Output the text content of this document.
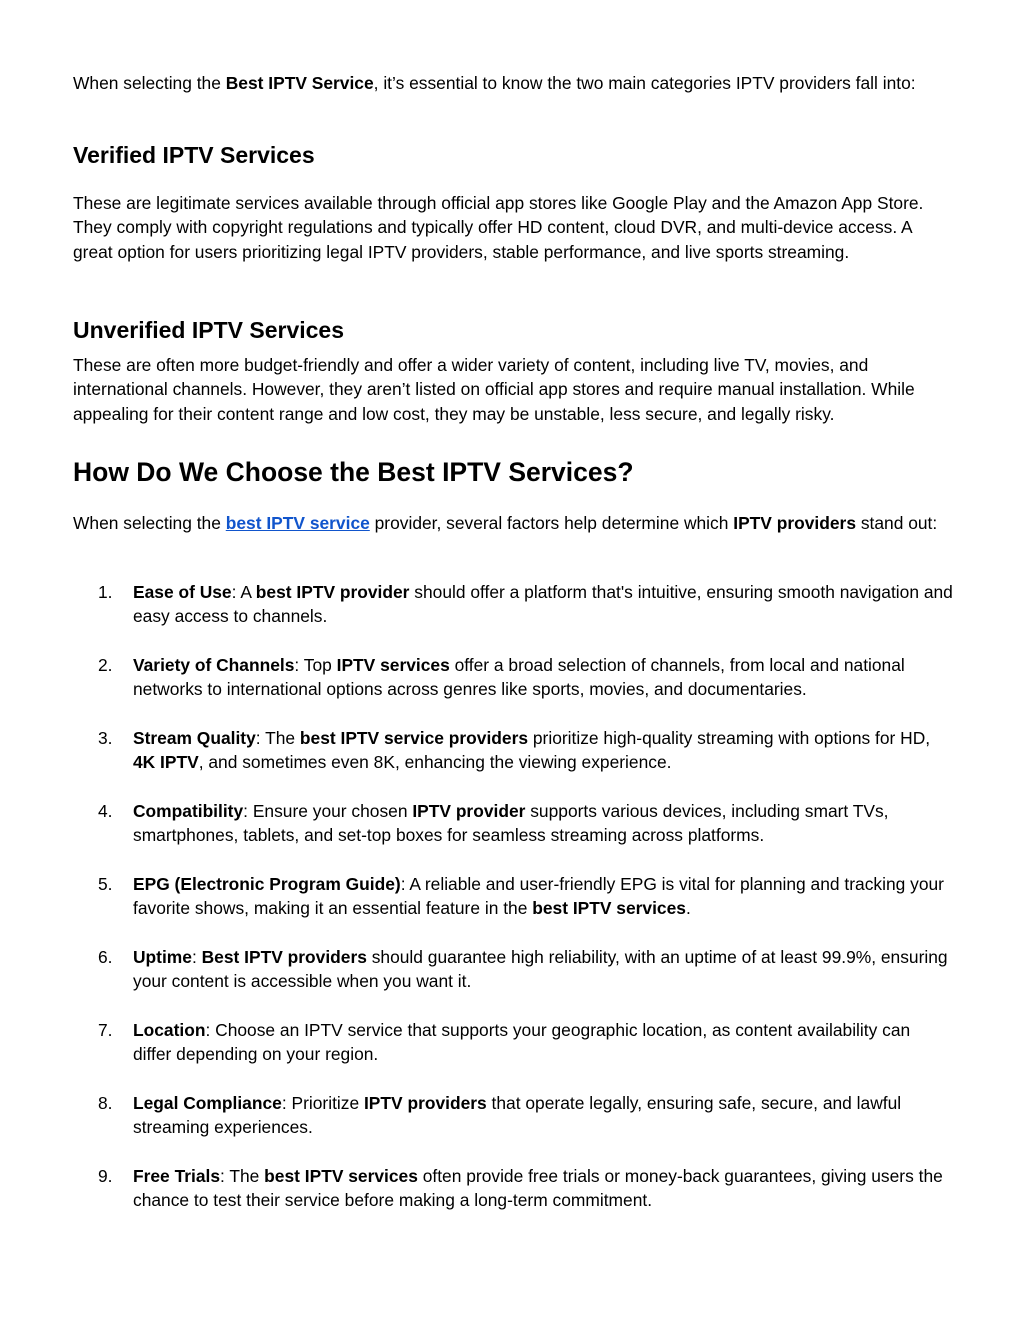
When selecting the Best IPTV Service, it’s essential to know the two main categories IPTV providers fall into:

Verified IPTV Services

These are legitimate services available through official app stores like Google Play and the Amazon App Store. They comply with copyright regulations and typically offer HD content, cloud DVR, and multi-device access. A great option for users prioritizing legal IPTV providers, stable performance, and live sports streaming.

Unverified IPTV Services

These are often more budget-friendly and offer a wider variety of content, including live TV, movies, and international channels. However, they aren’t listed on official app stores and require manual installation. While appealing for their content range and low cost, they may be unstable, less secure, and legally risky.

How Do We Choose the Best IPTV Services?

When selecting the best IPTV service provider, several factors help determine which IPTV providers stand out:

1.	Ease of Use: A best IPTV provider should offer a platform that's intuitive, ensuring smooth navigation and easy access to channels.

2.	Variety of Channels: Top IPTV services offer a broad selection of channels, from local and national networks to international options across genres like sports, movies, and documentaries.

3.	Stream Quality: The best IPTV service providers prioritize high-quality streaming with options for HD, 4K IPTV, and sometimes even 8K, enhancing the viewing experience.

4.	Compatibility: Ensure your chosen IPTV provider supports various devices, including smart TVs, smartphones, tablets, and set-top boxes for seamless streaming across platforms.

5.	EPG (Electronic Program Guide): A reliable and user-friendly EPG is vital for planning and tracking your favorite shows, making it an essential feature in the best IPTV services.

6.	Uptime: Best IPTV providers should guarantee high reliability, with an uptime of at least 99.9%, ensuring your content is accessible when you want it.

7.	Location: Choose an IPTV service that supports your geographic location, as content availability can differ depending on your region.

8.	Legal Compliance: Prioritize IPTV providers that operate legally, ensuring safe, secure, and lawful streaming experiences.

9.	Free Trials: The best IPTV services often provide free trials or money-back guarantees, giving users the chance to test their service before making a long-term commitment.
